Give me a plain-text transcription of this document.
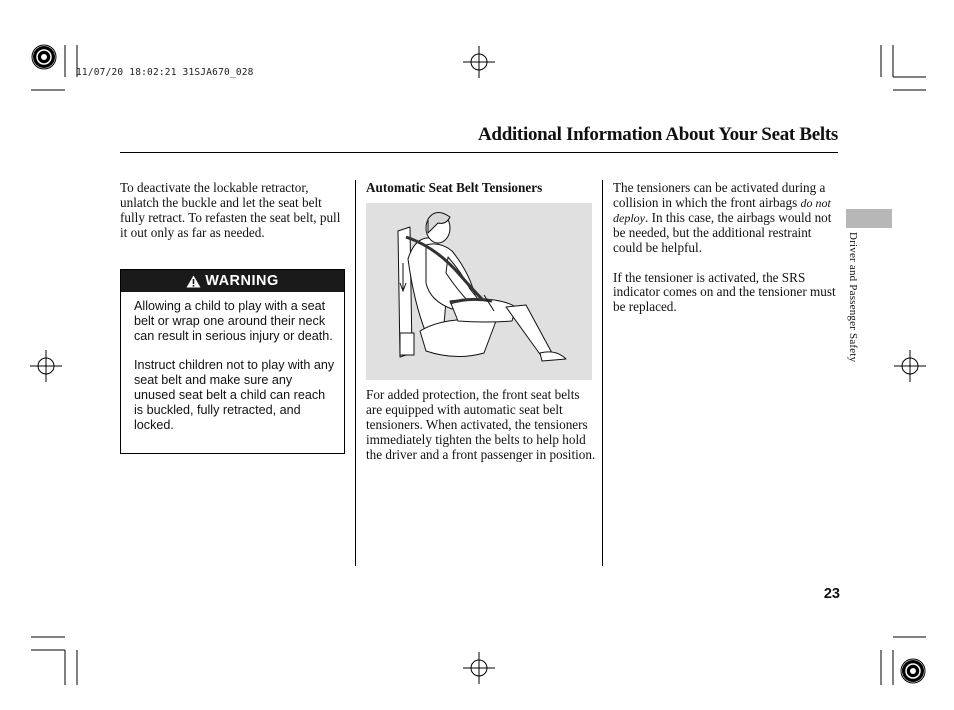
11/07/20 18:02:21 31SJA670_028
Additional Information About Your Seat Belts

To deactivate the lockable retractor, unlatch the buckle and let the seat belt fully retract. To refasten the seat belt, pull it out only as far as needed.

WARNING

Allowing a child to play with a seat belt or wrap one around their neck can result in serious injury or death.

Instruct children not to play with any seat belt and make sure any unused seat belt a child can reach is buckled, fully retracted, and locked.

Automatic Seat Belt Tensioners

For added protection, the front seat belts are equipped with automatic seat belt tensioners. When activated, the tensioners immediately tighten the belts to help hold the driver and a front passenger in position.

The tensioners can be activated during a collision in which the front airbags do not deploy. In this case, the airbags would not be needed, but the additional restraint could be helpful.

If the tensioner is activated, the SRS indicator comes on and the tensioner must be replaced.	Driver and Passenger Safety
23
